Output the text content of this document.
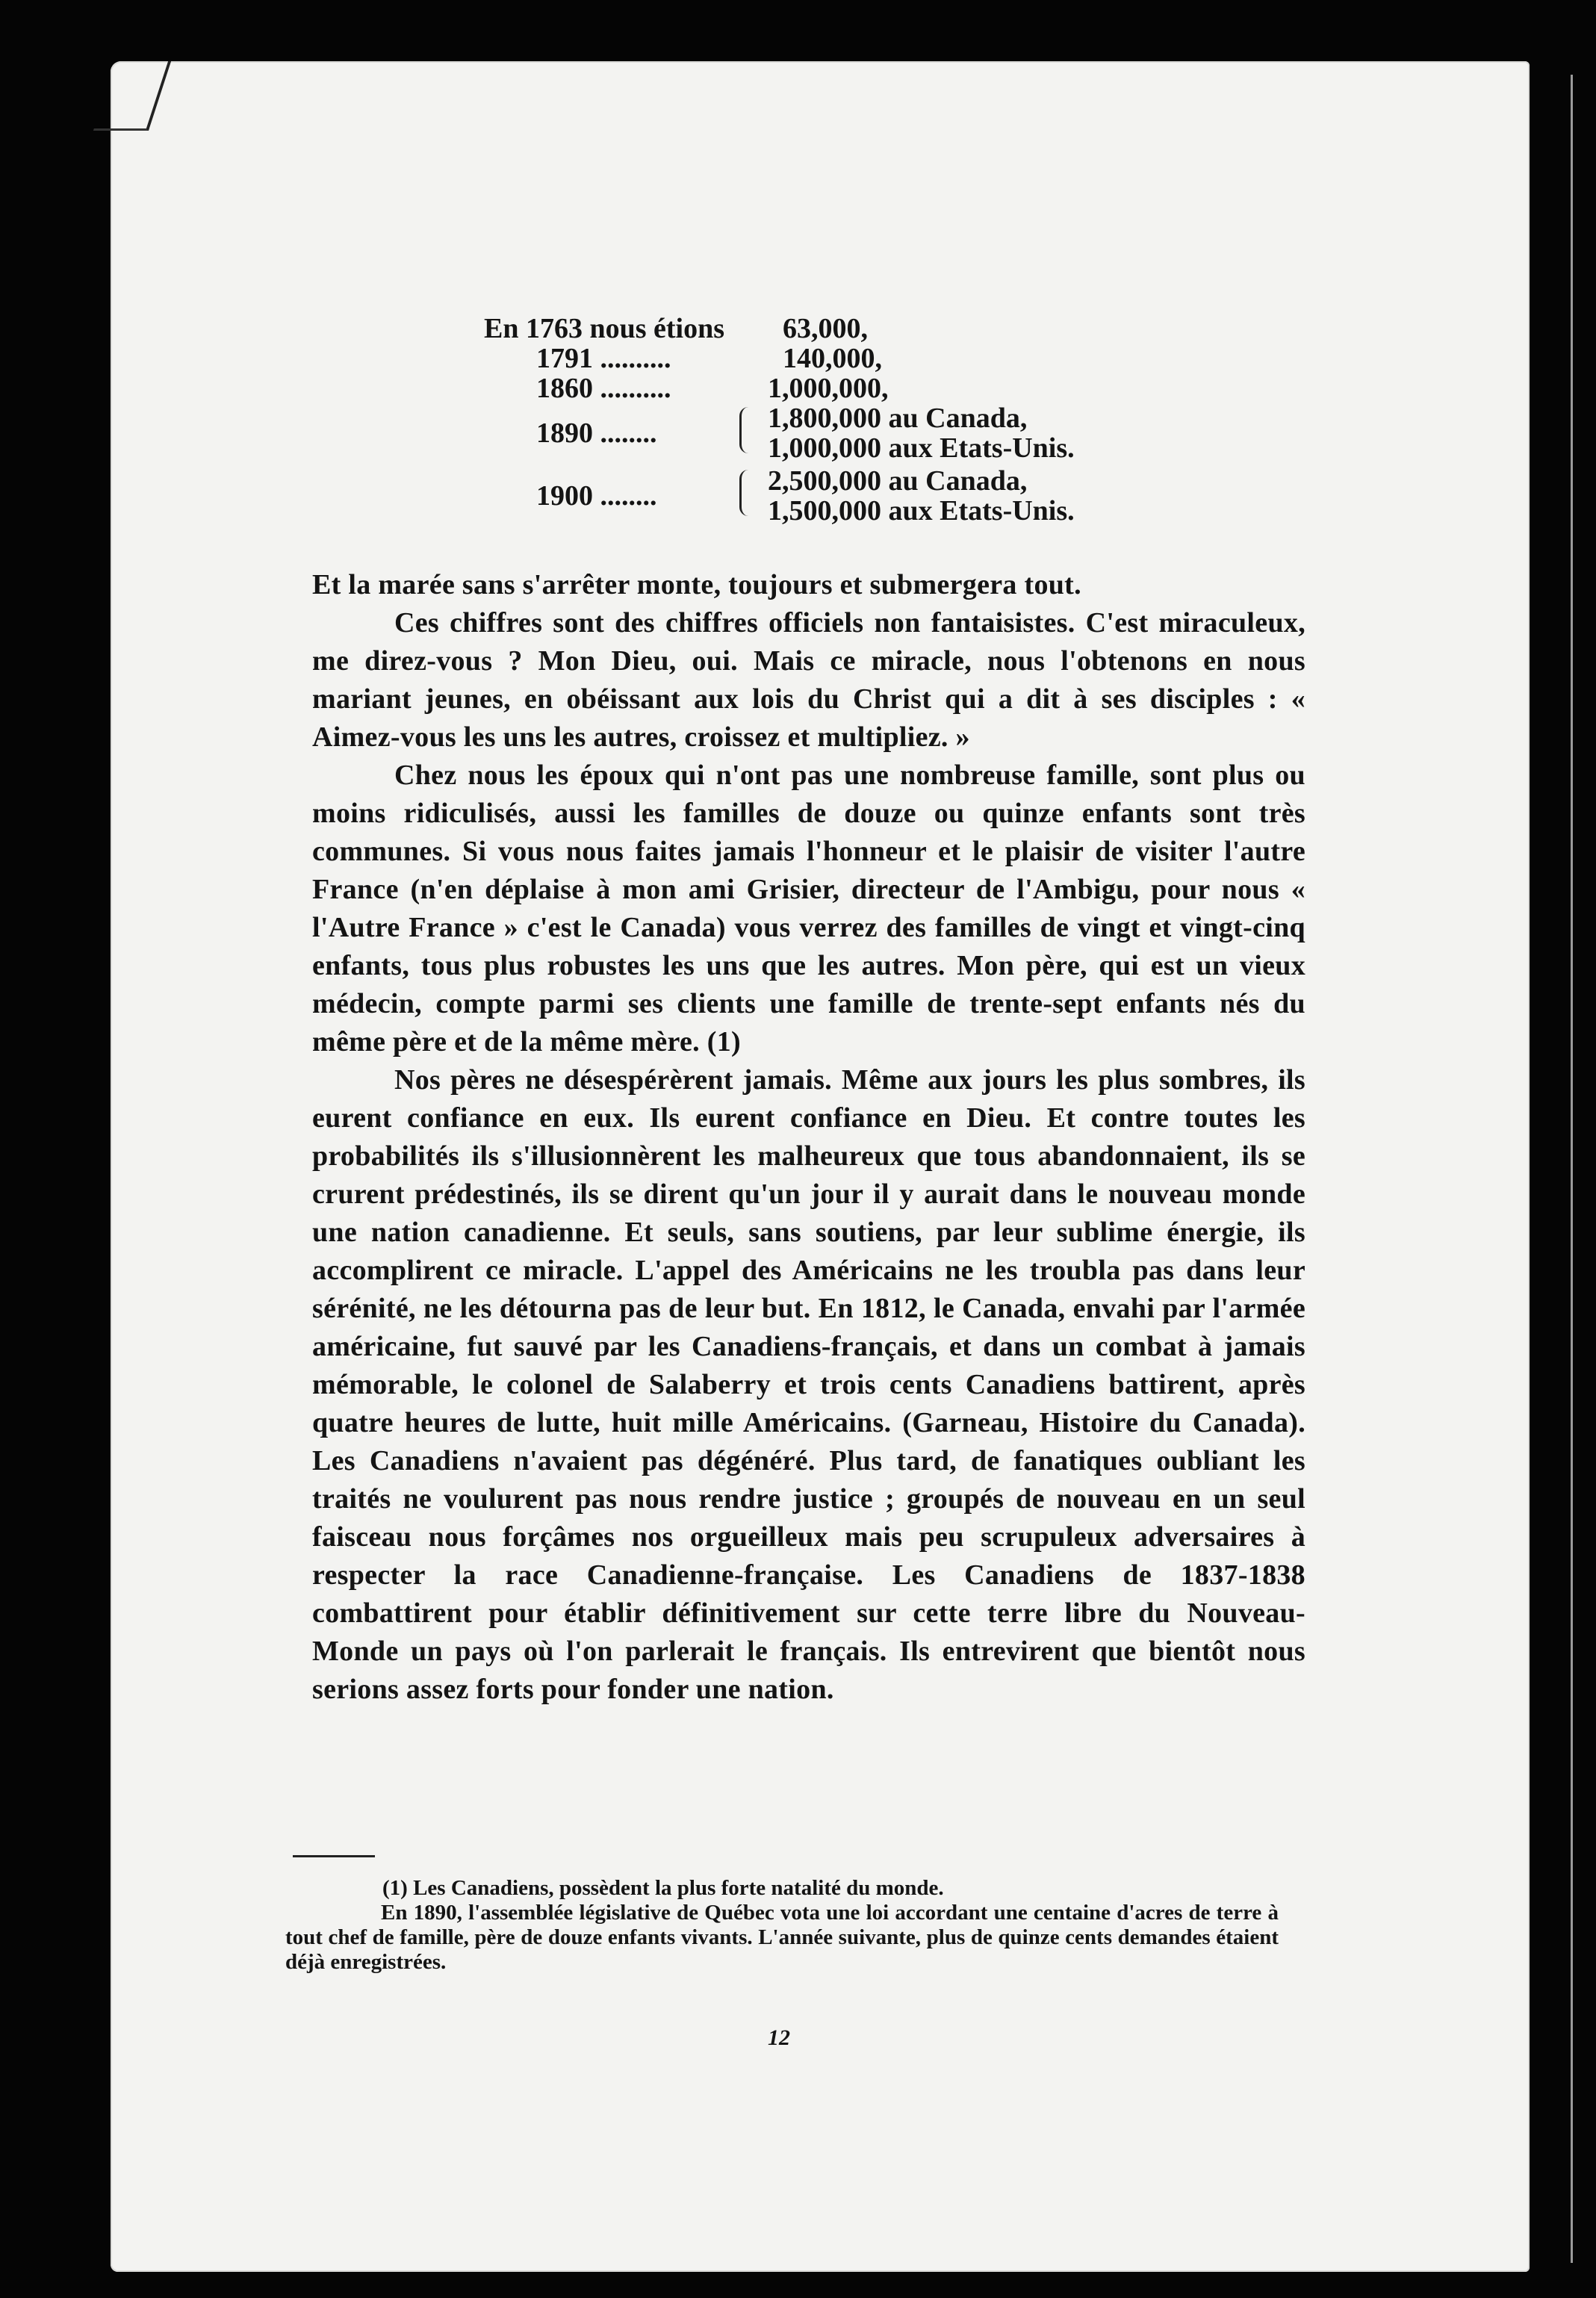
En 1763 nous étions 63,000,
1791 ..........	140,000,
1860 ..........	1,000,000,
1890 ........	1,800,000 au Canada,
1,000,000 aux Etats-Unis.
1900 ........	2,500,000 au Canada,
1,500,000 aux Etats-Unis.

Et la marée sans s'arrêter monte, toujours et submergera tout.

Ces chiffres sont des chiffres officiels non fantaisistes. C'est miraculeux, me direz-vous ? Mon Dieu, oui. Mais ce miracle, nous l'obtenons en nous mariant jeunes, en obéissant aux lois du Christ qui a dit à ses disciples : « Aimez-vous les uns les autres, croissez et multipliez. »

Chez nous les époux qui n'ont pas une nombreuse famille, sont plus ou moins ridiculisés, aussi les familles de douze ou quinze enfants sont très communes. Si vous nous faites jamais l'honneur et le plaisir de visiter l'autre France (n'en déplaise à mon ami Grisier, directeur de l'Ambigu, pour nous « l'Autre France » c'est le Canada) vous verrez des familles de vingt et vingt-cinq enfants, tous plus robustes les uns que les autres. Mon père, qui est un vieux médecin, compte parmi ses clients une famille de trente-sept enfants nés du même père et de la même mère. (1)

Nos pères ne désespérèrent jamais. Même aux jours les plus sombres, ils eurent confiance en eux. Ils eurent confiance en Dieu. Et contre toutes les probabilités ils s'illusionnèrent les malheureux que tous abandonnaient, ils se crurent prédestinés, ils se dirent qu'un jour il y aurait dans le nouveau monde une nation canadienne. Et seuls, sans soutiens, par leur sublime énergie, ils accomplirent ce miracle. L'appel des Américains ne les troubla pas dans leur sérénité, ne les détourna pas de leur but. En 1812, le Canada, envahi par l'armée américaine, fut sauvé par les Canadiens-français, et dans un combat à jamais mémorable, le colonel de Salaberry et trois cents Canadiens battirent, après quatre heures de lutte, huit mille Américains. (Garneau, Histoire du Canada). Les Canadiens n'avaient pas dégénéré. Plus tard, de fanatiques oubliant les traités ne voulurent pas nous rendre justice ; groupés de nouveau en un seul faisceau nous forçâmes nos orgueilleux mais peu scrupuleux adversaires à respecter la race Canadienne-française. Les Canadiens de 1837-1838 combattirent pour établir définitivement sur cette terre libre du Nouveau-Monde un pays où l'on parlerait le français. Ils entrevirent que bientôt nous serions assez forts pour fonder une nation.

(1) Les Canadiens, possèdent la plus forte natalité du monde.

En 1890, l'assemblée législative de Québec vota une loi accordant une centaine d'acres de terre à tout chef de famille, père de douze enfants vivants. L'année suivante, plus de quinze cents demandes étaient déjà enregistrées.

12
